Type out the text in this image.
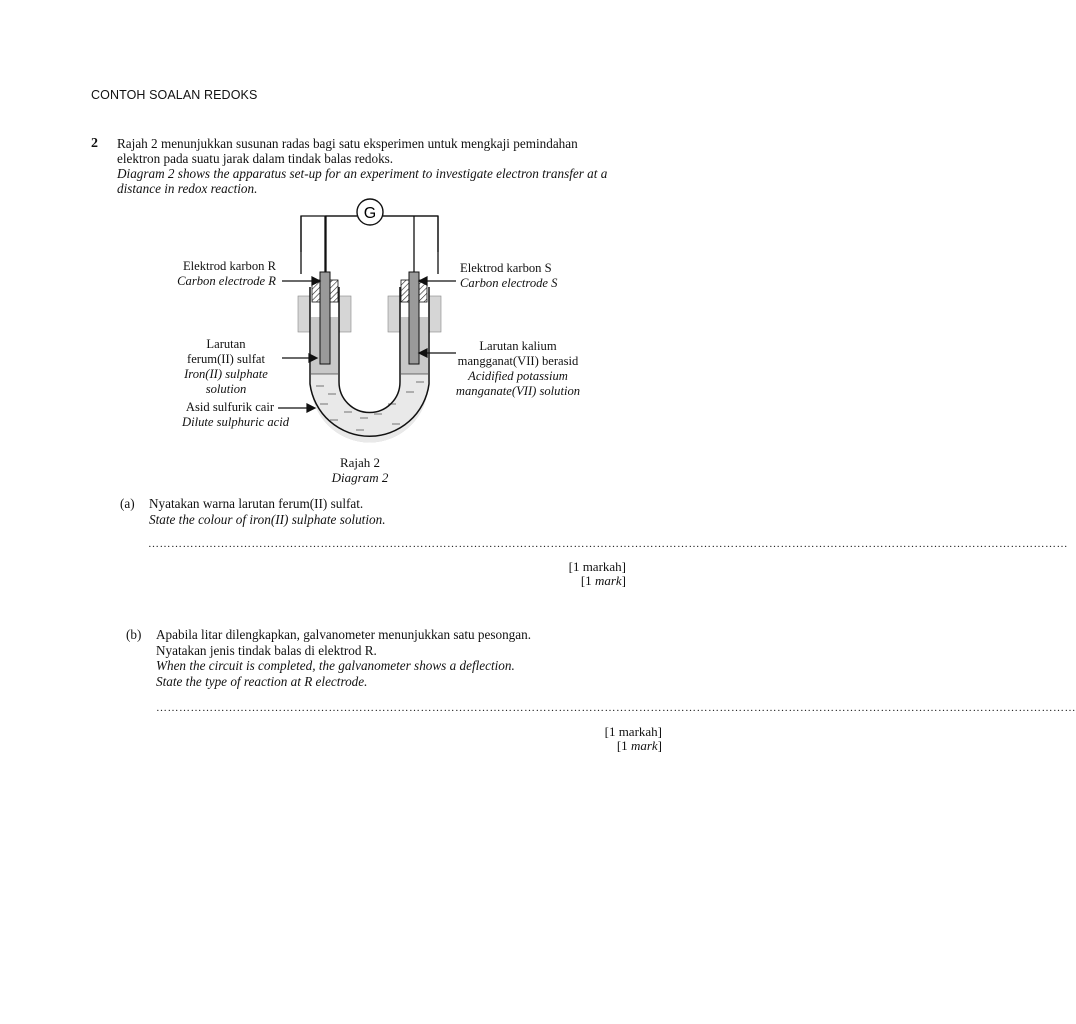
CONTOH SOALAN REDOKS
2 Rajah 2 menunjukkan susunan radas bagi satu eksperimen untuk mengkaji pemindahan

elektron pada suatu jarak dalam tindak balas redoks.

Diagram 2 shows the apparatus set-up for an experiment to investigate electron transfer at a

distance in redox reaction.

G
Elektrod karbon R
Carbon electrode R
Elektrod karbon S
Carbon electrode S
Larutan
ferum(II) sulfat
Iron(II) sulphate
solution
Larutan kalium
mangganat(VII) berasid
Acidified potassium
manganate(VII) solution
Asid sulfurik cair
Dilute sulphuric acid
Rajah 2
Diagram 2
(a) Nyatakan warna larutan ferum(II) sulfat.

State the colour of iron(II) sulphate solution.

……………………………………………………………………………………………………………………………………………………………………………………………………………………
[1 markah]
[1 mark]
(b) Apabila litar dilengkapkan, galvanometer menunjukkan satu pesongan.

Nyatakan jenis tindak balas di elektrod R.

When the circuit is completed, the galvanometer shows a deflection.

State the type of reaction at R electrode.

……………………………………………………………………………………………………………………………………………………………………………………………………………………
[1 markah]
[1 mark]
